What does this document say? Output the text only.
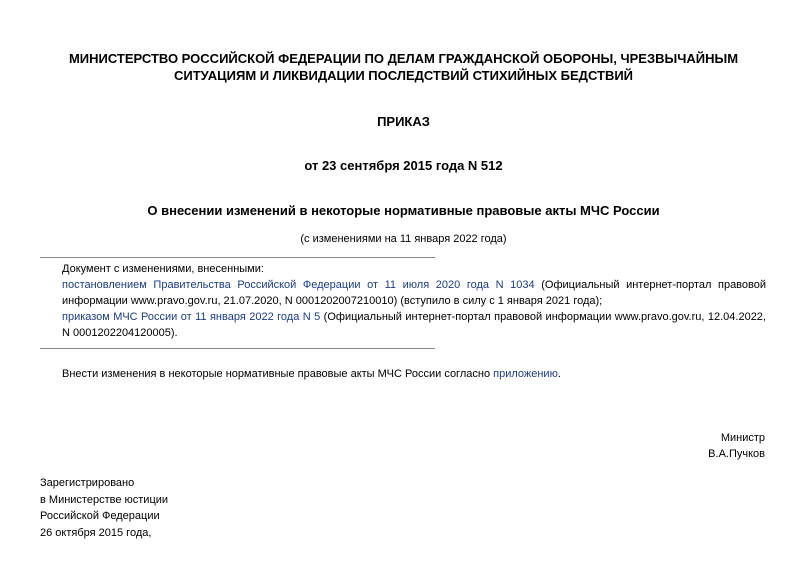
МИНИСТЕРСТВО РОССИЙСКОЙ ФЕДЕРАЦИИ ПО ДЕЛАМ ГРАЖДАНСКОЙ ОБОРОНЫ, ЧРЕЗВЫЧАЙНЫМ
СИТУАЦИЯМ И ЛИКВИДАЦИИ ПОСЛЕДСТВИЙ СТИХИЙНЫХ БЕДСТВИЙ
ПРИКАЗ
от 23 сентября 2015 года N 512
О внесении изменений в некоторые нормативные правовые акты МЧС России
(с изменениями на 11 января 2022 года)

Документ с изменениями, внесенными:

постановлением Правительства Российской Федерации от 11 июля 2020 года N 1034 (Официальный интернет-портал правовой информации www.pravo.gov.ru, 21.07.2020, N 0001202007210010) (вступило в силу с 1 января 2021 года);

приказом МЧС России от 11 января 2022 года N 5 (Официальный интернет-портал правовой информации www.pravo.gov.ru, 12.04.2022, N 0001202204120005).

Внести изменения в некоторые нормативные правовые акты МЧС России согласно приложению.
Министр
В.А.Пучков
Зарегистрировано
в Министерстве юстиции
Российской Федерации
26 октября 2015 года,
